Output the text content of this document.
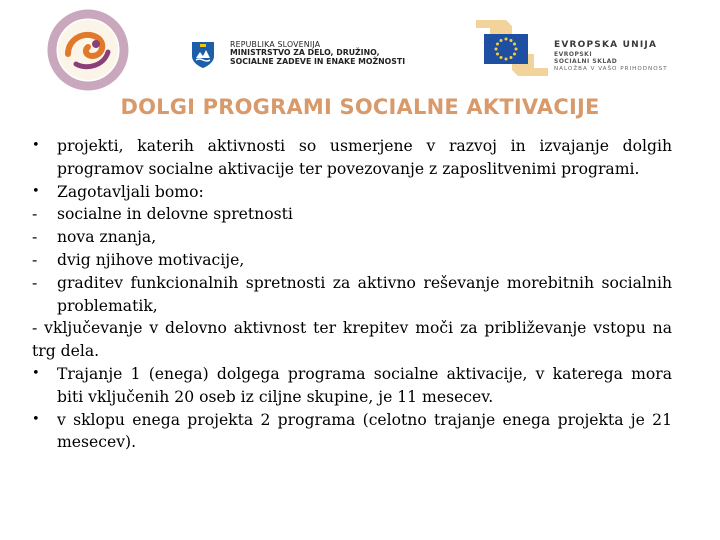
REPUBLIKA SLOVENIJA
MINISTRSTVO ZA DELO, DRUŽINO,
SOCIALNE ZADEVE IN ENAKE MOŽNOSTI
EVROPSKA UNIJA
EVROPSKI
SOCIALNI SKLAD
NALOŽBA V VAŠO PRIHODNOST
DOLGI PROGRAMI SOCIALNE AKTIVACIJE
•	projekti, katerih aktivnosti so usmerjene v razvoj in izvajanje dolgih programov socialne aktivacije ter povezovanje z zaposlitvenimi programi.
•	Zagotavljali bomo:
-	socialne in delovne spretnosti
-	nova znanja,
-	dvig njihove motivacije,
-	graditev funkcionalnih spretnosti za aktivno reševanje morebitnih socialnih problematik,
- vključevanje v delovno aktivnost ter krepitev moči za približevanje vstopu na trg dela.
•	Trajanje 1 (enega) dolgega programa socialne aktivacije, v katerega mora biti vključenih 20 oseb iz ciljne skupine, je 11 mesecev.
•	v sklopu enega projekta 2 programa (celotno trajanje enega projekta je 21 mesecev).
